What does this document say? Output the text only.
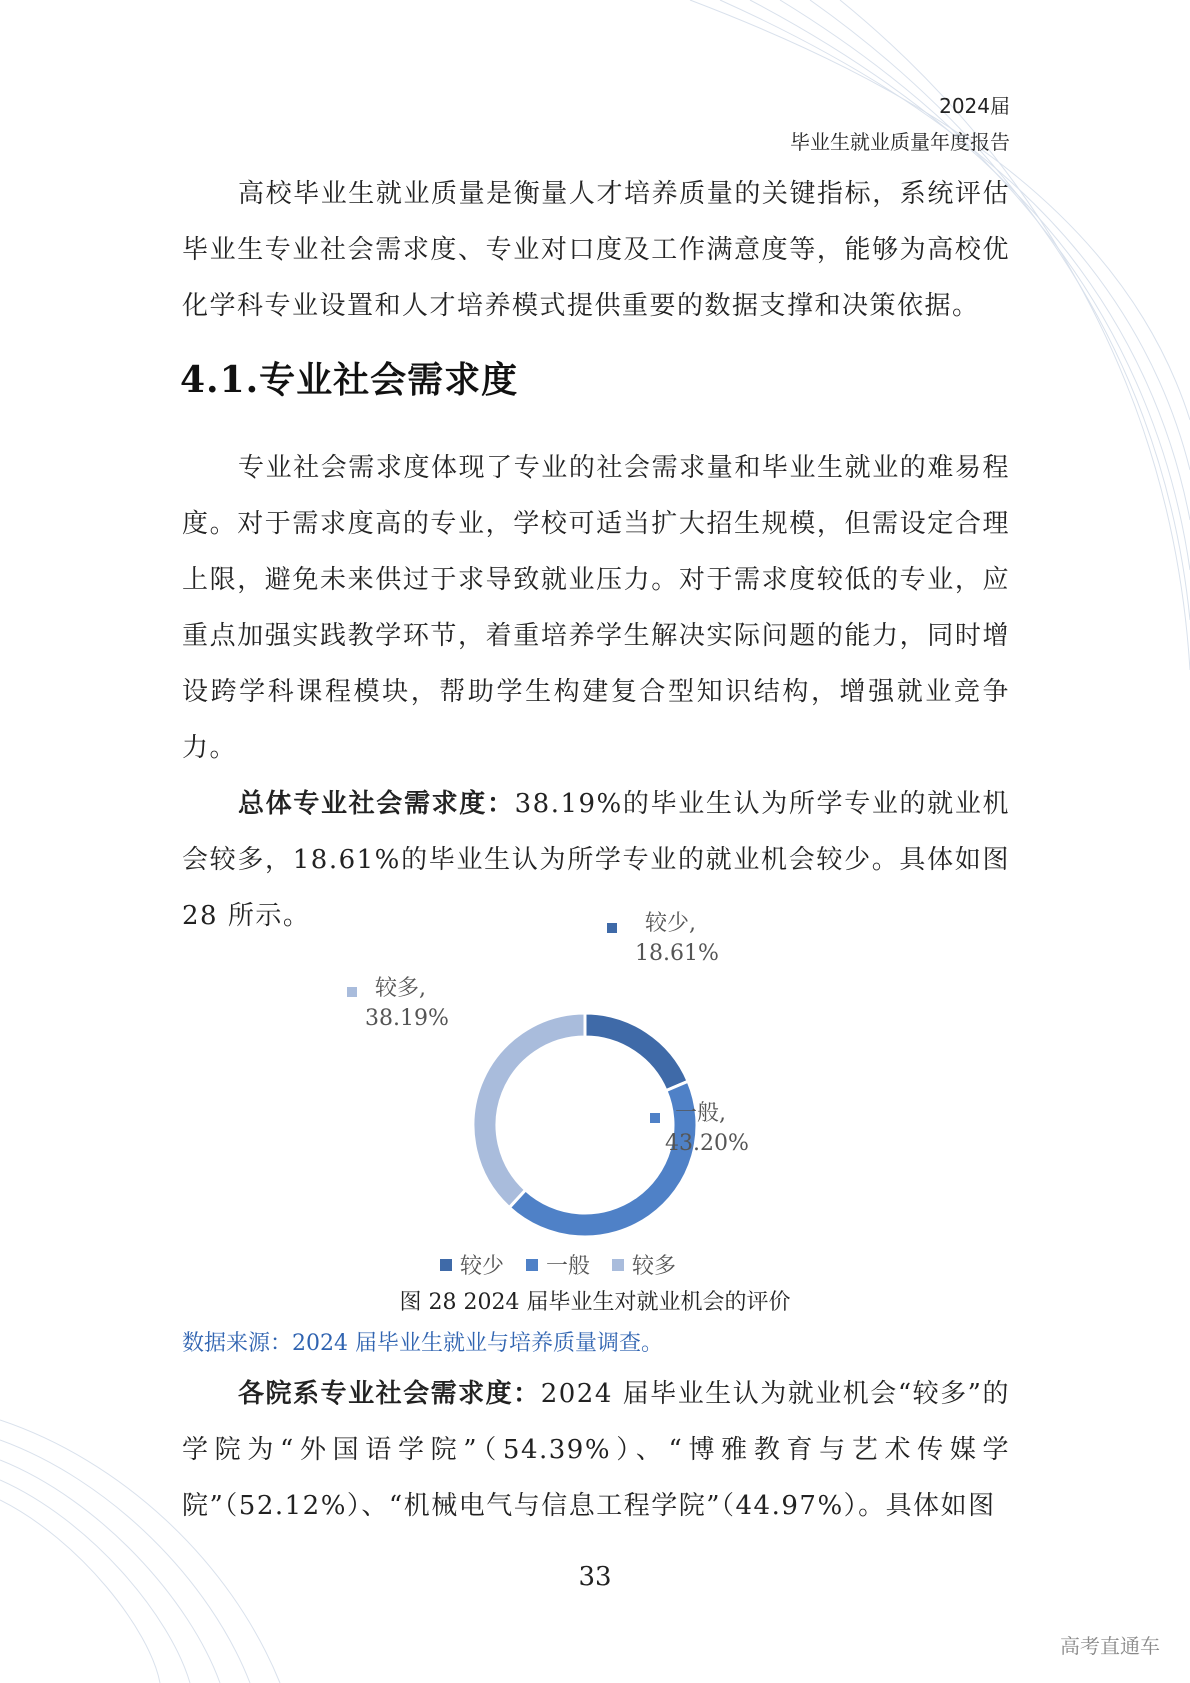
2024届
毕业生就业质量年度报告

高校毕业生就业质量是衡量人才培养质量的关键指标，系统评估毕业生专业社会需求度、专业对口度及工作满意度等，能够为高校优化学科专业设置和人才培养模式提供重要的数据支撑和决策依据。

4.1.专业社会需求度

专业社会需求度体现了专业的社会需求量和毕业生就业的难易程度。对于需求度高的专业，学校可适当扩大招生规模，但需设定合理上限，避免未来供过于求导致就业压力。对于需求度较低的专业，应重点加强实践教学环节，着重培养学生解决实际问题的能力，同时增设跨学科课程模块，帮助学生构建复合型知识结构，增强就业竞争力。

总体专业社会需求度：38.19%的毕业生认为所学专业的就业机会较多，18.61%的毕业生认为所学专业的就业机会较少。具体如图 28 所示。	较少,
18.61%
一般,
43.20%
较多,
38.19%
较少 一般 较多
图 28 2024 届毕业生对就业机会的评价
数据来源：2024 届毕业生就业与培养质量调查。

各院系专业社会需求度：2024 届毕业生认为就业机会“较多”的学院为“外国语学院”（54.39%）、“博雅教育与艺术传媒学院”（52.12%）、“机械电气与信息工程学院”（44.97%）。具体如图

33
高考直通车
